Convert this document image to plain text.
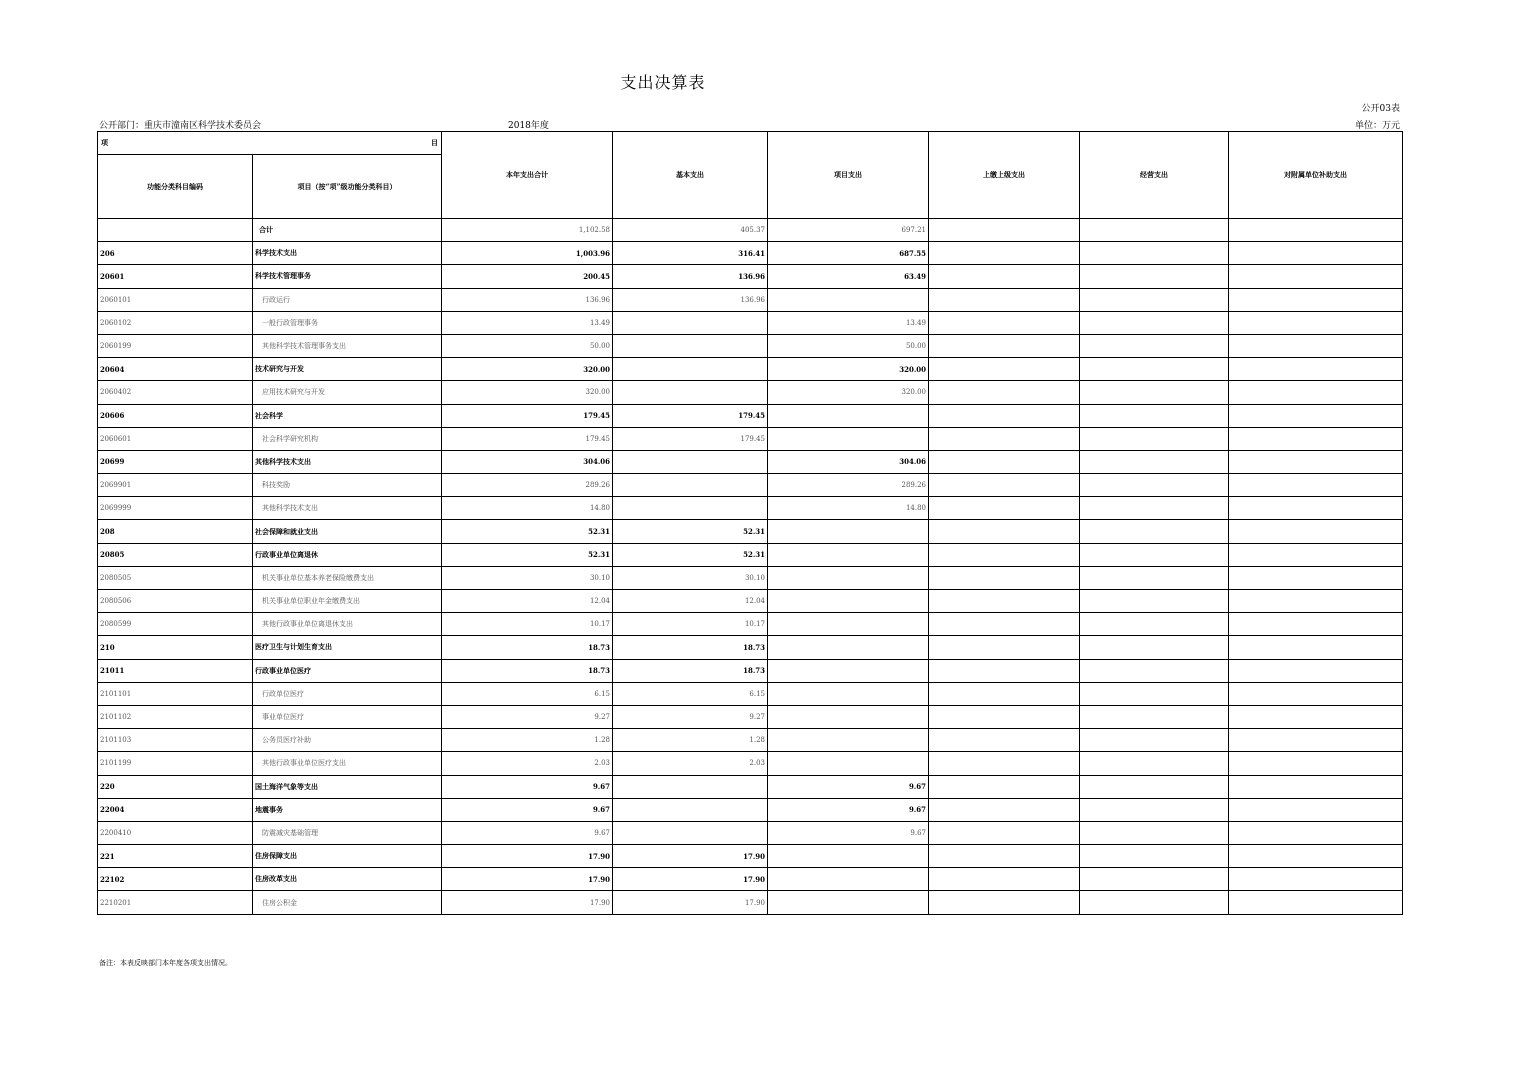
支出决算表
公开03表
公开部门：重庆市潼南区科学技术委员会	2018年度	单位：万元
项 目		本年支出合计	基本支出	项目支出	上缴上级支出	经营支出	对附属单位补助支出
功能分类科目编码	项目（按“项”级功能分类科目）						
	合计	1,102.58	405.37	697.21			
206	科学技术支出	1,003.96	316.41	687.55			
20601	科学技术管理事务	200.45	136.96	63.49			
2060101	行政运行	136.96	136.96				
2060102	一般行政管理事务	13.49		13.49			
2060199	其他科学技术管理事务支出	50.00		50.00			
20604	技术研究与开发	320.00		320.00			
2060402	应用技术研究与开发	320.00		320.00			
20606	社会科学	179.45	179.45				
2060601	社会科学研究机构	179.45	179.45				
20699	其他科学技术支出	304.06		304.06			
2069901	科技奖励	289.26		289.26			
2069999	其他科学技术支出	14.80		14.80			
208	社会保障和就业支出	52.31	52.31				
20805	行政事业单位离退休	52.31	52.31				
2080505	机关事业单位基本养老保险缴费支出	30.10	30.10				
2080506	机关事业单位职业年金缴费支出	12.04	12.04				
2080599	其他行政事业单位离退休支出	10.17	10.17				
210	医疗卫生与计划生育支出	18.73	18.73				
21011	行政事业单位医疗	18.73	18.73				
2101101	行政单位医疗	6.15	6.15				
2101102	事业单位医疗	9.27	9.27				
2101103	公务员医疗补助	1.28	1.28				
2101199	其他行政事业单位医疗支出	2.03	2.03				
220	国土海洋气象等支出	9.67		9.67			
22004	地震事务	9.67		9.67			
2200410	防震减灾基础管理	9.67		9.67			
221	住房保障支出	17.90	17.90				
22102	住房改革支出	17.90	17.90				
2210201	住房公积金	17.90	17.90				
备注：本表反映部门本年度各项支出情况。
